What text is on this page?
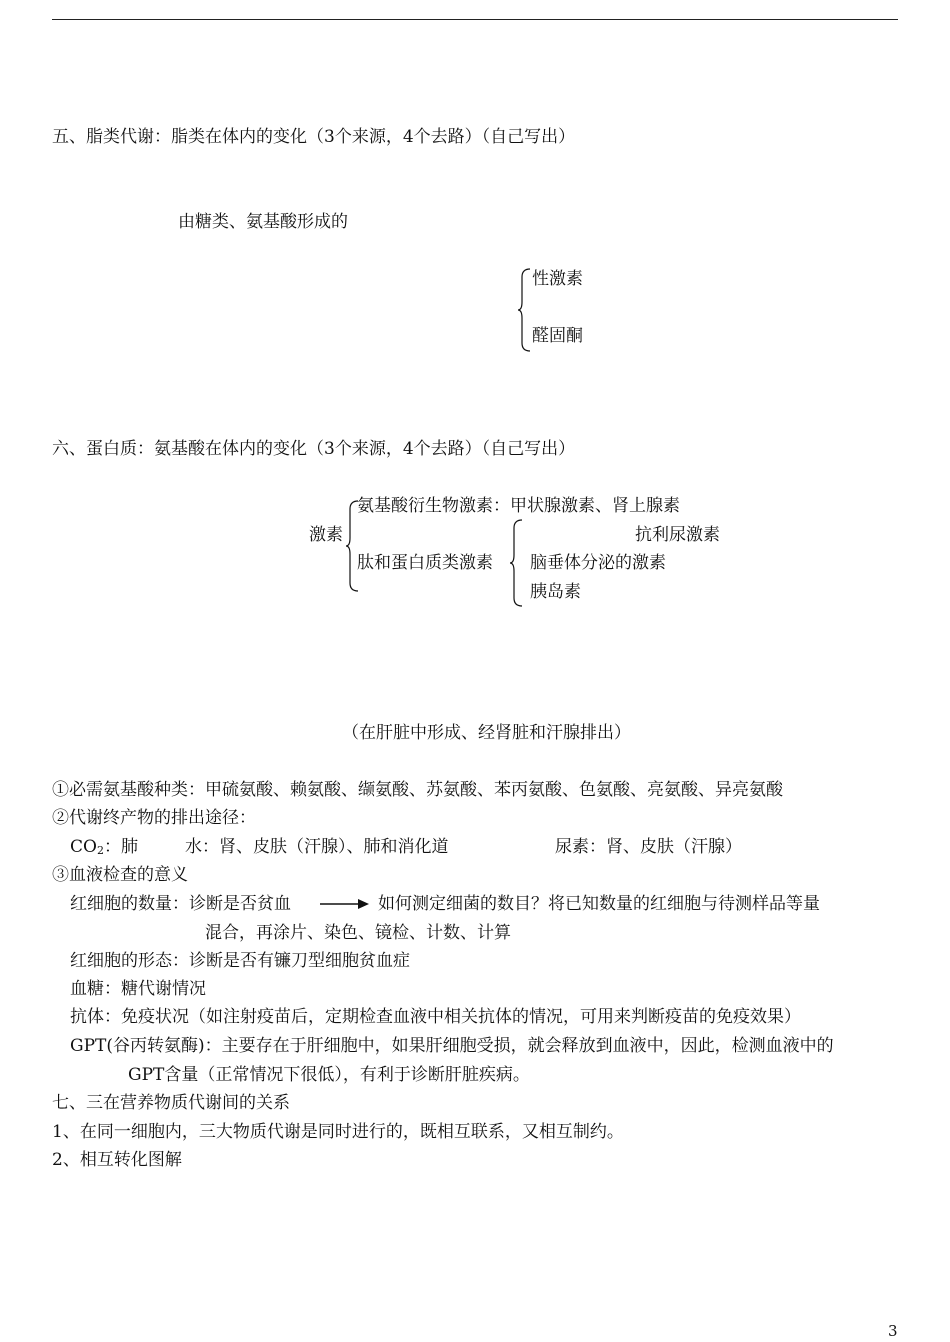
五、脂类代谢：脂类在体内的变化（3个来源，4个去路）（自己写出）

由糖类、氨基酸形成的

性激素

醛固酮

六、蛋白质：氨基酸在体内的变化（3个来源，4个去路）（自己写出）

激素

氨基酸衍生物激素：甲状腺激素、肾上腺素

肽和蛋白质类激素

抗利尿激素

脑垂体分泌的激素

胰岛素

（在肝脏中形成、经肾脏和汗腺排出）

①必需氨基酸种类：甲硫氨酸、赖氨酸、缬氨酸、苏氨酸、苯丙氨酸、色氨酸、亮氨酸、异亮氨酸

②代谢终产物的排出途径：

$CO_2$：肺	水：肾、皮肤（汗腺）、肺和消化道	尿素：肾、皮肤（汗腺）

③血液检查的意义

红细胞的数量：诊断是否贫血	如何测定细菌的数目？将已知数量的红细胞与待测样品等量

混合，再涂片、染色、镜检、计数、计算

红细胞的形态：诊断是否有镰刀型细胞贫血症

血糖：糖代谢情况

抗体：免疫状况（如注射疫苗后，定期检查血液中相关抗体的情况，可用来判断疫苗的免疫效果）

GPT(谷丙转氨酶)：主要存在于肝细胞中，如果肝细胞受损，就会释放到血液中，因此，检测血液中的

GPT含量（正常情况下很低），有利于诊断肝脏疾病。

七、三在营养物质代谢间的关系

1、在同一细胞内，三大物质代谢是同时进行的，既相互联系，又相互制约。

2、相互转化图解

3
